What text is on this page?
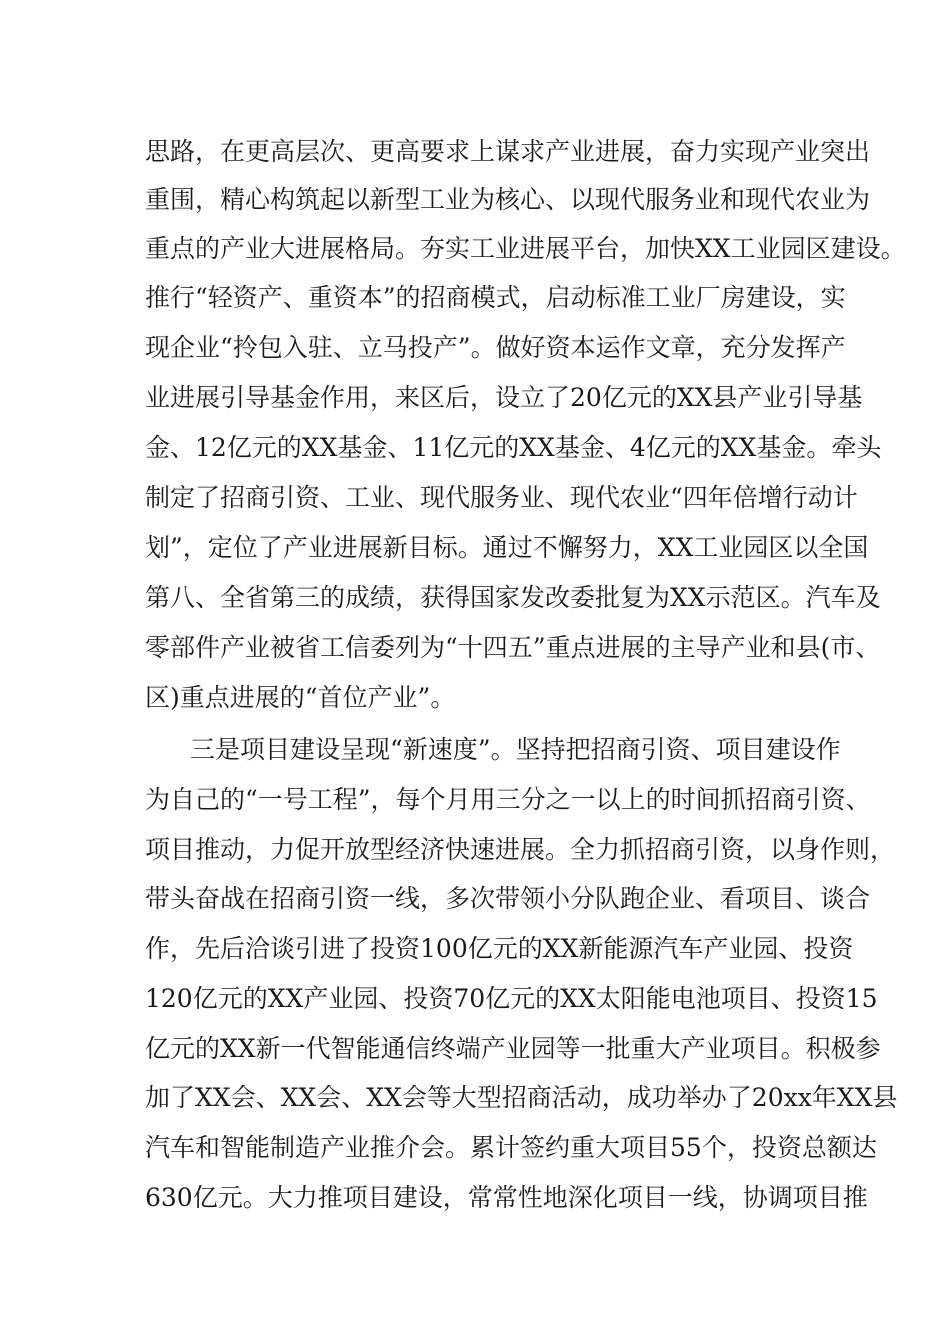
思路，在更高层次、更高要求上谋求产业进展，奋力实现产业突出
重围，精心构筑起以新型工业为核心、以现代服务业和现代农业为
重点的产业大进展格局。夯实工业进展平台，加快XX工业园区建设。
推行“轻资产、重资本”的招商模式，启动标准工业厂房建设，实
现企业“拎包入驻、立马投产”。做好资本运作文章，充分发挥产
业进展引导基金作用，来区后，设立了20亿元的XX县产业引导基
金、12亿元的XX基金、11亿元的XX基金、4亿元的XX基金。牵头
制定了招商引资、工业、现代服务业、现代农业“四年倍增行动计
划”，定位了产业进展新目标。通过不懈努力，XX工业园区以全国
第八、全省第三的成绩，获得国家发改委批复为XX示范区。汽车及
零部件产业被省工信委列为“十四五”重点进展的主导产业和县(市、
区)重点进展的“首位产业”。
三是项目建设呈现“新速度”。坚持把招商引资、项目建设作
为自己的“一号工程”，每个月用三分之一以上的时间抓招商引资、
项目推动，力促开放型经济快速进展。全力抓招商引资，以身作则，
带头奋战在招商引资一线，多次带领小分队跑企业、看项目、谈合
作，先后洽谈引进了投资100亿元的XX新能源汽车产业园、投资
120亿元的XX产业园、投资70亿元的XX太阳能电池项目、投资15
亿元的XX新一代智能通信终端产业园等一批重大产业项目。积极参
加了XX会、XX会、XX会等大型招商活动，成功举办了20xx年XX县
汽车和智能制造产业推介会。累计签约重大项目55个，投资总额达
630亿元。大力推项目建设，常常性地深化项目一线，协调项目推
